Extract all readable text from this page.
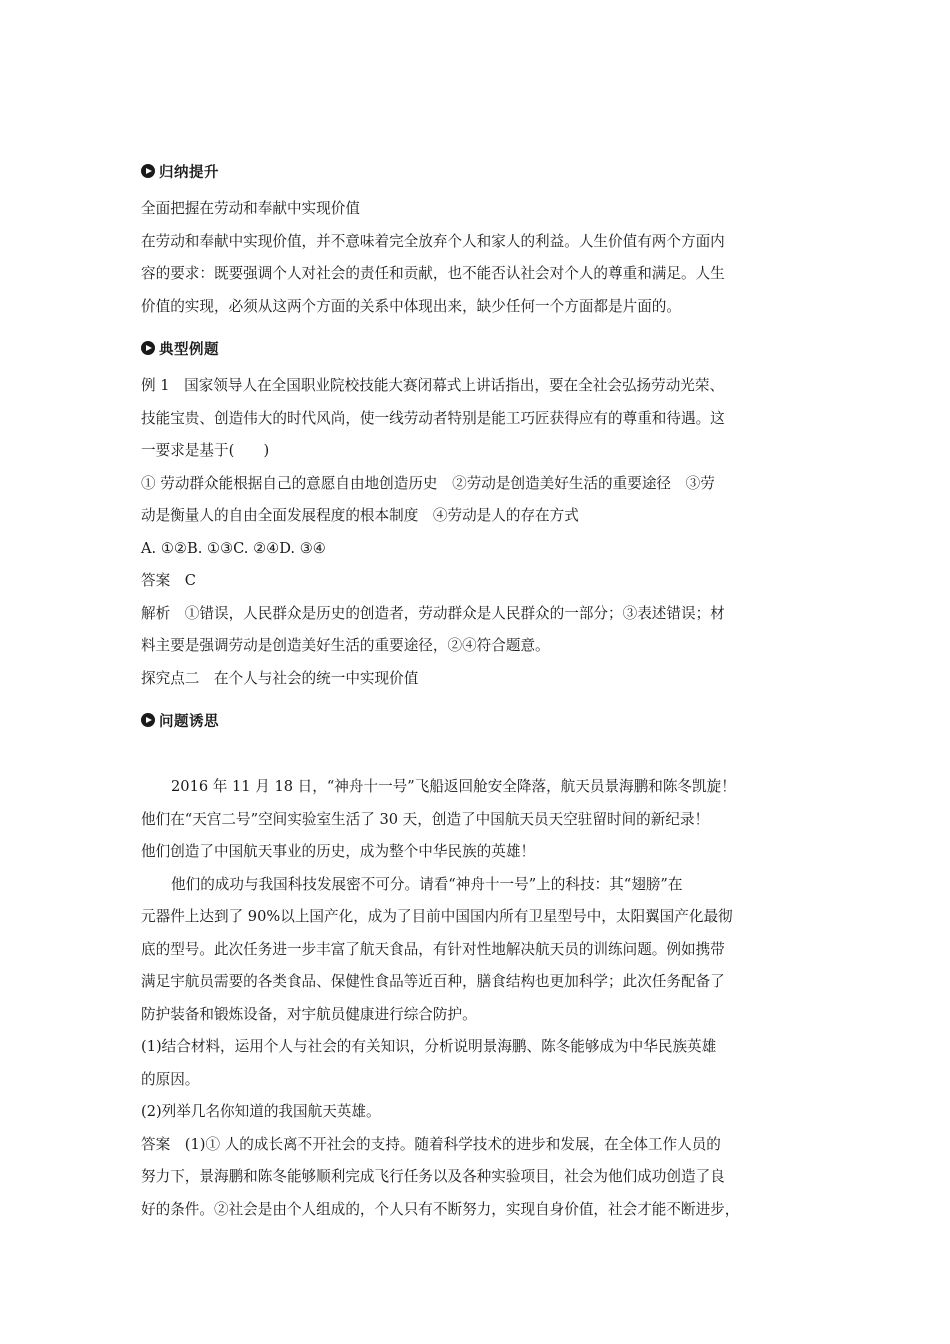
归纳提升
全面把握在劳动和奉献中实现价值
在劳动和奉献中实现价值，并不意味着完全放弃个人和家人的利益。人生价值有两个方面内
容的要求：既要强调个人对社会的责任和贡献，也不能否认社会对个人的尊重和满足。人生
价值的实现，必须从这两个方面的关系中体现出来，缺少任何一个方面都是片面的。
典型例题
例 1　国家领导人在全国职业院校技能大赛闭幕式上讲话指出，要在全社会弘扬劳动光荣、
技能宝贵、创造伟大的时代风尚，使一线劳动者特别是能工巧匠获得应有的尊重和待遇。这
一要求是基于(　　)
① 劳动群众能根据自己的意愿自由地创造历史　②劳动是创造美好生活的重要途径　③劳
动是衡量人的自由全面发展程度的根本制度　④劳动是人的存在方式
A. ①②B. ①③C. ②④D. ③④
答案　C
解析　①错误，人民群众是历史的创造者，劳动群众是人民群众的一部分；③表述错误；材
料主要是强调劳动是创造美好生活的重要途径，②④符合题意。
探究点二　在个人与社会的统一中实现价值
问题诱思
2016 年 11 月 18 日，“神舟十一号”飞船返回舱安全降落，航天员景海鹏和陈冬凯旋！
他们在“天宫二号”空间实验室生活了 30 天，创造了中国航天员天空驻留时间的新纪录！
他们创造了中国航天事业的历史，成为整个中华民族的英雄！
他们的成功与我国科技发展密不可分。请看“神舟十一号”上的科技：其“翅膀”在
元器件上达到了 90%以上国产化，成为了目前中国国内所有卫星型号中，太阳翼国产化最彻
底的型号。此次任务进一步丰富了航天食品，有针对性地解决航天员的训练问题。例如携带
满足宇航员需要的各类食品、保健性食品等近百种，膳食结构也更加科学；此次任务配备了
防护装备和锻炼设备，对宇航员健康进行综合防护。
(1)结合材料，运用个人与社会的有关知识，分析说明景海鹏、陈冬能够成为中华民族英雄
的原因。
(2)列举几名你知道的我国航天英雄。
答案　(1)① 人的成长离不开社会的支持。随着科学技术的进步和发展，在全体工作人员的
努力下，景海鹏和陈冬能够顺利完成飞行任务以及各种实验项目，社会为他们成功创造了良
好的条件。②社会是由个人组成的，个人只有不断努力，实现自身价值，社会才能不断进步，
